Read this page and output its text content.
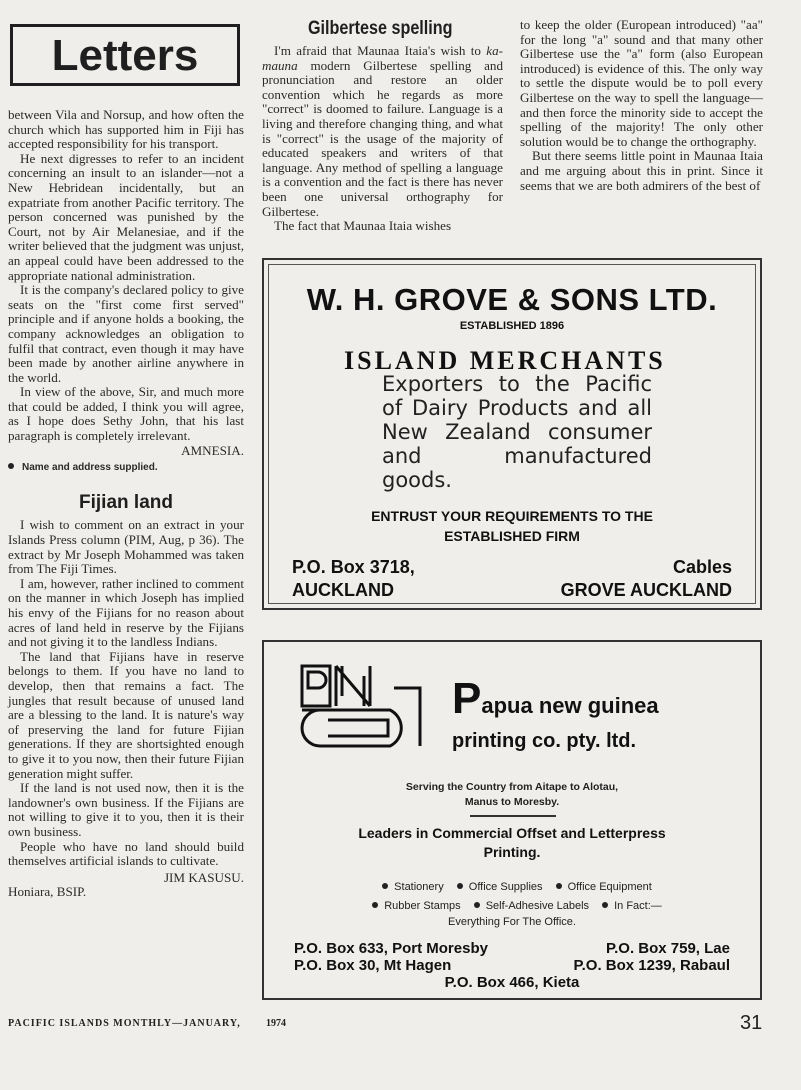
Letters

between Vila and Norsup, and how often the church which has supported him in Fiji has accepted responsibility for his transport.

He next digresses to refer to an incident concerning an insult to an islander—not a New Hebridean incidentally, but an expatriate from another Pacific territory. The person concerned was punished by the Court, not by Air Melanesiae, and if the writer believed that the judgment was unjust, an appeal could have been addressed to the appropriate national administration.

It is the company's declared policy to give seats on the "first come first served" principle and if anyone holds a booking, the company acknowledges an obligation to fulfil that contract, even though it may have been made by another airline anywhere in the world.

In view of the above, Sir, and much more that could be added, I think you will agree, as I hope does Sethy John, that his last paragraph is completely irrelevant.

AMNESIA.

Name and address supplied.

Fijian land

I wish to comment on an extract in your Islands Press column (PIM, Aug, p 36). The extract by Mr Joseph Mohammed was taken from The Fiji Times.

I am, however, rather inclined to comment on the manner in which Joseph has implied his envy of the Fijians for no reason about acres of land held in reserve by the Fijians and not giving it to the landless Indians.

The land that Fijians have in reserve belongs to them. If you have no land to develop, then that remains a fact. The jungles that result because of unused land are a blessing to the land. It is nature's way of preserving the land for future Fijian generations. If they are shortsighted enough to give it to you now, then their future Fijian generation might suffer.

If the land is not used now, then it is the landowner's own business. If the Fijians are not willing to give it to you, then it is their own business.

People who have no land should build themselves artificial islands to cultivate.

JIM KASUSU.

Honiara, BSIP.

Gilbertese spelling

I'm afraid that Maunaa Itaia's wish to ka-mauna modern Gilbertese spelling and pronunciation and restore an older convention which he regards as more "correct" is doomed to failure. Language is a living and therefore changing thing, and what is "correct" is the usage of the majority of educated speakers and writers of that language. Any method of spelling a language is a convention and the fact is there has never been one universal orthography for Gilbertese.

The fact that Maunaa Itaia wishes

to keep the older (European introduced) "aa" for the long "a" sound and that many other Gilbertese use the "a" form (also European introduced) is evidence of this. The only way to settle the dispute would be to poll every Gilbertese on the way to spell the language—and then force the minority side to accept the spelling of the majority! The only other solution would be to change the orthography.

But there seems little point in Maunaa Itaia and me arguing about this in print. Since it seems that we are both admirers of the best of

W. H. GROVE & SONS LTD.
ESTABLISHED 1896
ISLAND MERCHANTS
Exporters to the Pacific of Dairy Products and all New Zealand consumer and manufactured goods.
ENTRUST YOUR REQUIREMENTS TO THE
ESTABLISHED FIRM
P.O. Box 3718,
AUCKLAND
Cables
GROVE AUCKLAND
Papua new guinea
printing co. pty. ltd.
Serving the Country from Aitape to Alotau,
Manus to Moresby.
Leaders in Commercial Offset and Letterpress
Printing.
Stationery Office Supplies Office Equipment
Rubber Stamps Self-Adhesive Labels In Fact:—
Everything For The Office.
P.O. Box 633, Port Moresby	P.O. Box 759, Lae
P.O. Box 30, Mt Hagen	P.O. Box 1239, Rabaul
P.O. Box 466, Kieta
PACIFIC ISLANDS MONTHLY—JANUARY,	1974	31
